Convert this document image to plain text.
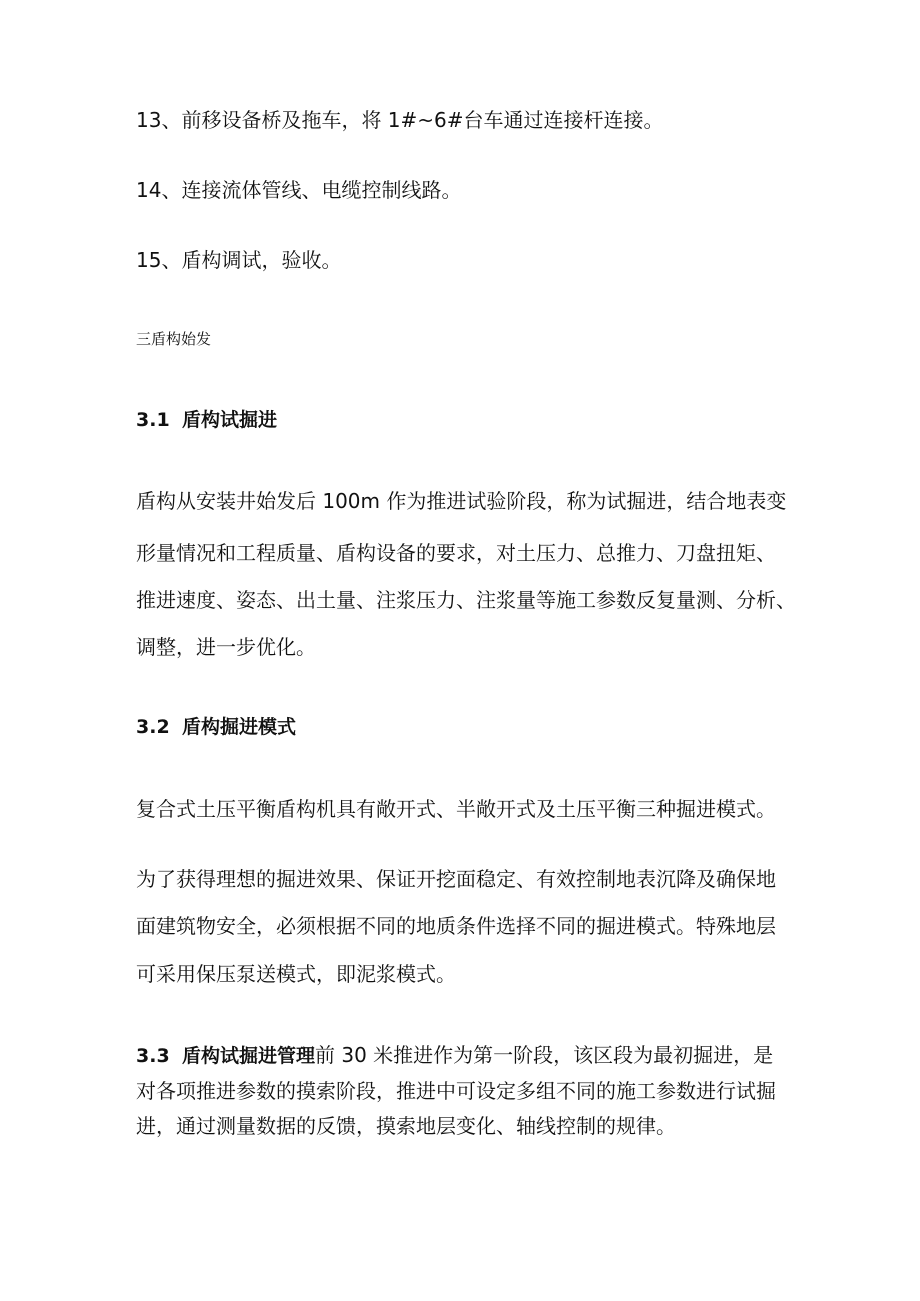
13、前移设备桥及拖车，将 1#~6#台车通过连接杆连接。
14、连接流体管线、电缆控制线路。
15、盾构调试，验收。
三盾构始发
3.1 盾构试掘进
盾构从安装井始发后 100m 作为推进试验阶段，称为试掘进，结合地表变
形量情况和工程质量、盾构设备的要求，对土压力、总推力、刀盘扭矩、
推进速度、姿态、出土量、注浆压力、注浆量等施工参数反复量测、分析、
调整，进一步优化。
3.2 盾构掘进模式
复合式土压平衡盾构机具有敞开式、半敞开式及土压平衡三种掘进模式。
为了获得理想的掘进效果、保证开挖面稳定、有效控制地表沉降及确保地
面建筑物安全，必须根据不同的地质条件选择不同的掘进模式。特殊地层
可采用保压泵送模式，即泥浆模式。
3.3 盾构试掘进管理前 30 米推进作为第一阶段，该区段为最初掘进，是
对各项推进参数的摸索阶段，推进中可设定多组不同的施工参数进行试掘
进，通过测量数据的反馈，摸索地层变化、轴线控制的规律。
